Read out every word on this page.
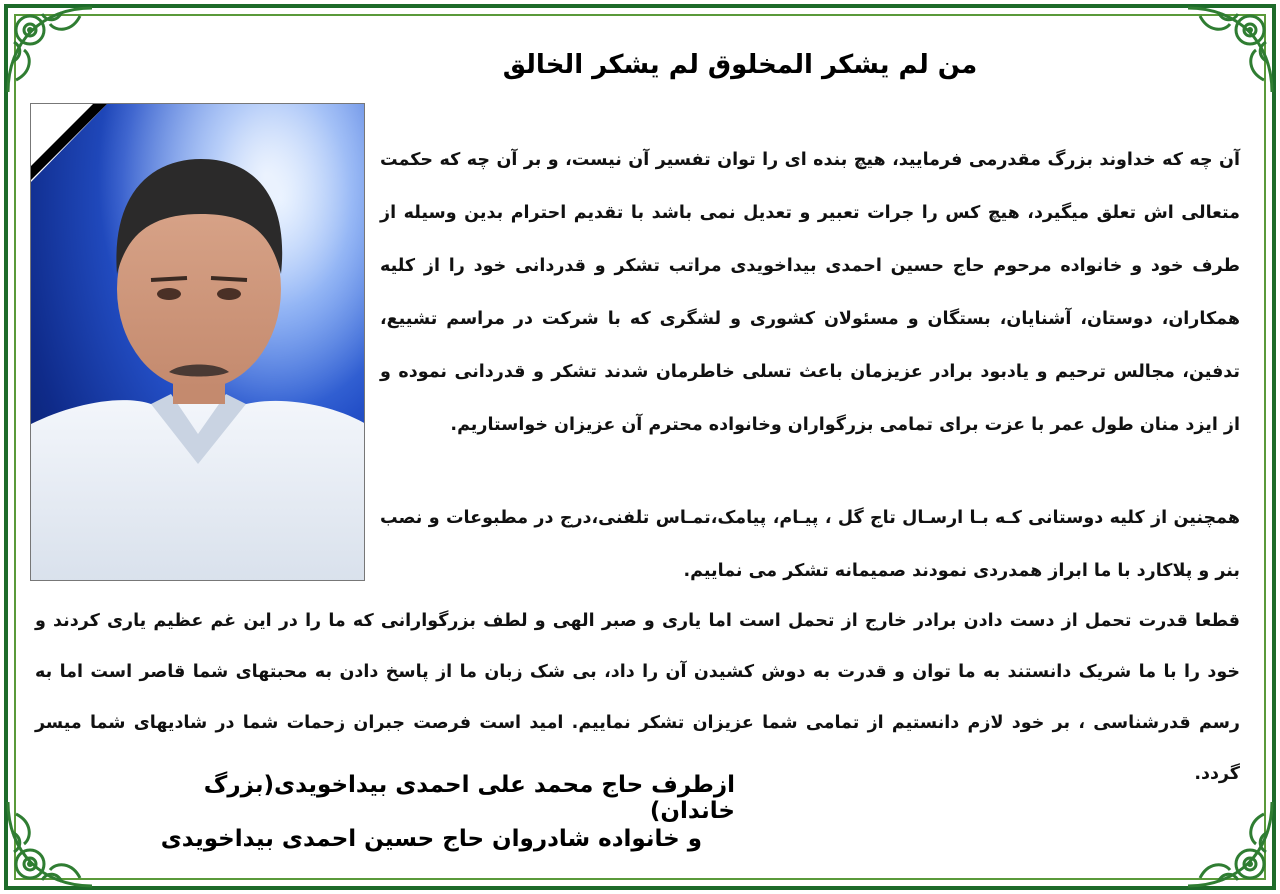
من لم يشكر المخلوق لم يشكر الخالق

آن چه که خداوند بزرگ مقدرمی فرمایید، هیچ بنده ای را توان تفسیر آن نیست، و بر آن چه که حکمت متعالی اش تعلق میگیرد، هیچ کس را جرات تعبیر و تعدیل نمی باشد با تقدیم احترام بدین وسیله از طرف خود و خانواده مرحوم حاج حسین احمدی بیداخویدی مراتب تشکر و قدردانی خود را از کلیه همکاران، دوستان، آشنایان، بستگان و مسئولان کشوری و لشگری که با شرکت در مراسم تشییع، تدفین، مجالس ترحیم و یادبود برادر عزیزمان باعث تسلی خاطرمان شدند تشکر و قدردانی نموده و از ایزد منان طول عمر با عزت برای تمامی بزرگواران وخانواده محترم آن عزیزان خواستاریم.

همچنین از کلیه دوستانی کـه بـا ارسـال تاج گل ، پیـام، پیامک،تمـاس تلفنی،درج در مطبوعات و نصب بنر و پلاکارد با ما ابراز همدردی نمودند صمیمانه تشکر می نماییم.

قطعا قدرت تحمل از دست دادن برادر خارج از تحمل است اما یاری و صبر الهی و لطف بزرگوارانی که ما را در این غم عظیم یاری کردند و خود را با ما شریک دانستند به ما توان و قدرت به دوش کشیدن آن را داد، بی شک زبان ما از پاسخ دادن به محبتهای شما قاصر است اما به رسم قدرشناسی ، بر خود لازم دانستیم از تمامی شما عزیزان تشکر نماییم. امید است فرصت جبران زحمات شما در شادیهای شما میسر گردد.

ازطرف حاج محمد علی احمدی بیداخویدی(بزرگ خاندان)

و خانواده شادروان حاج حسین احمدی بیداخویدی
